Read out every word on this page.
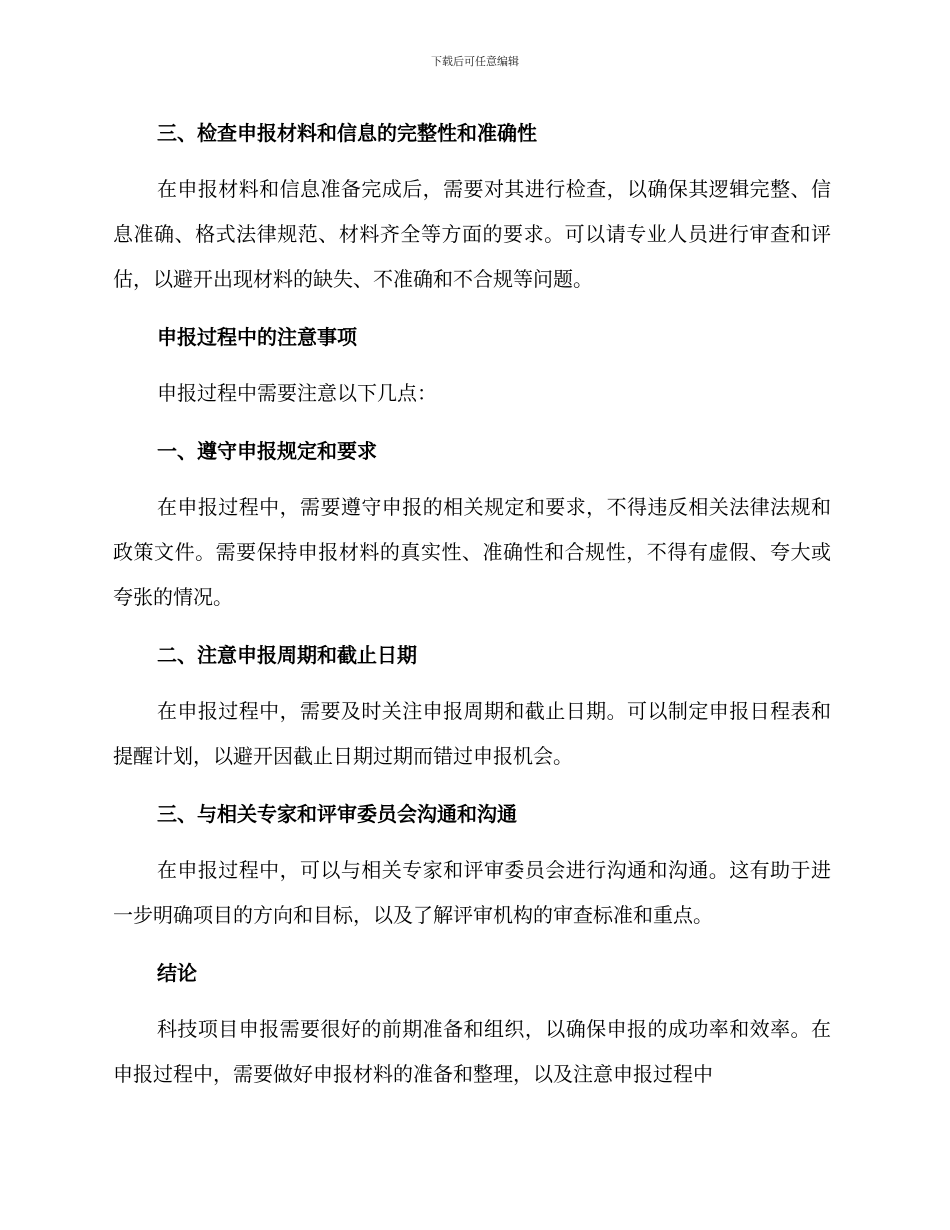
下载后可任意编辑
三、检查申报材料和信息的完整性和准确性

在申报材料和信息准备完成后，需要对其进行检查，以确保其逻辑完整、信息准确、格式法律规范、材料齐全等方面的要求。可以请专业人员进行审查和评估，以避开出现材料的缺失、不准确和不合规等问题。

申报过程中的注意事项

申报过程中需要注意以下几点：

一、遵守申报规定和要求

在申报过程中，需要遵守申报的相关规定和要求，不得违反相关法律法规和政策文件。需要保持申报材料的真实性、准确性和合规性，不得有虚假、夸大或夸张的情况。

二、注意申报周期和截止日期

在申报过程中，需要及时关注申报周期和截止日期。可以制定申报日程表和提醒计划，以避开因截止日期过期而错过申报机会。

三、与相关专家和评审委员会沟通和沟通

在申报过程中，可以与相关专家和评审委员会进行沟通和沟通。这有助于进一步明确项目的方向和目标，以及了解评审机构的审查标准和重点。

结论

科技项目申报需要很好的前期准备和组织，以确保申报的成功率和效率。在申报过程中，需要做好申报材料的准备和整理，以及注意申报过程中
